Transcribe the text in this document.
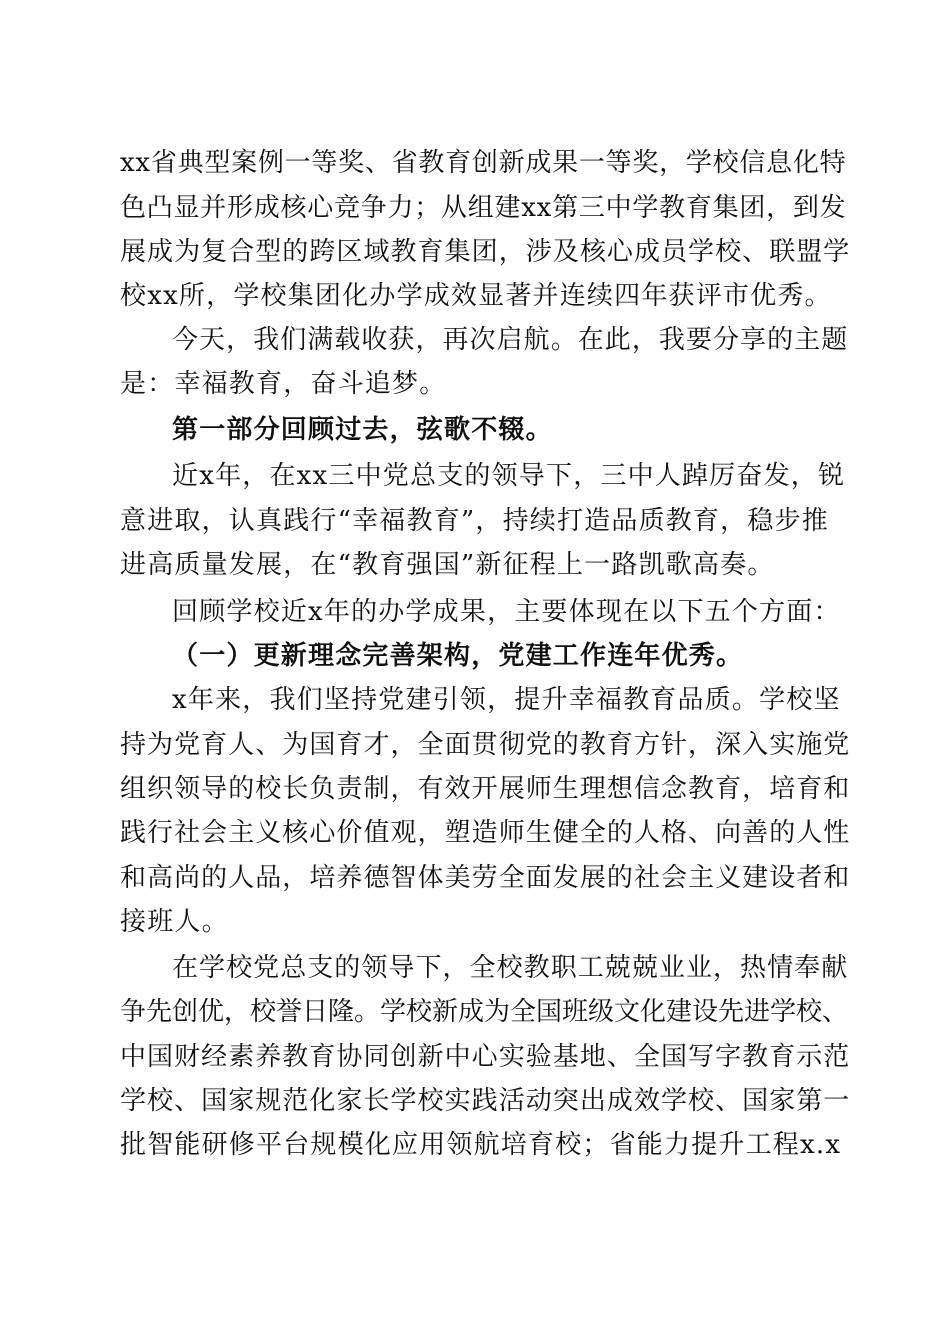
xx省典型案例一等奖、省教育创新成果一等奖，学校信息化特
色凸显并形成核心竞争力；从组建xx第三中学教育集团，到发
展成为复合型的跨区域教育集团，涉及核心成员学校、联盟学
校xx所，学校集团化办学成效显著并连续四年获评市优秀。
今天，我们满载收获，再次启航。在此，我要分享的主题
是：幸福教育，奋斗追梦。
第一部分回顾过去，弦歌不辍。
近x年，在xx三中党总支的领导下，三中人踔厉奋发，锐
意进取，认真践行“幸福教育”，持续打造品质教育，稳步推
进高质量发展，在“教育强国”新征程上一路凯歌高奏。
回顾学校近x年的办学成果，主要体现在以下五个方面：
（一）更新理念完善架构，党建工作连年优秀。
x年来，我们坚持党建引领，提升幸福教育品质。学校坚
持为党育人、为国育才，全面贯彻党的教育方针，深入实施党
组织领导的校长负责制，有效开展师生理想信念教育，培育和
践行社会主义核心价值观，塑造师生健全的人格、向善的人性
和高尚的人品，培养德智体美劳全面发展的社会主义建设者和
接班人。
在学校党总支的领导下，全校教职工兢兢业业，热情奉献
争先创优，校誉日隆。学校新成为全国班级文化建设先进学校、
中国财经素养教育协同创新中心实验基地、全国写字教育示范
学校、国家规范化家长学校实践活动突出成效学校、国家第一
批智能研修平台规模化应用领航培育校；省能力提升工程x.x
